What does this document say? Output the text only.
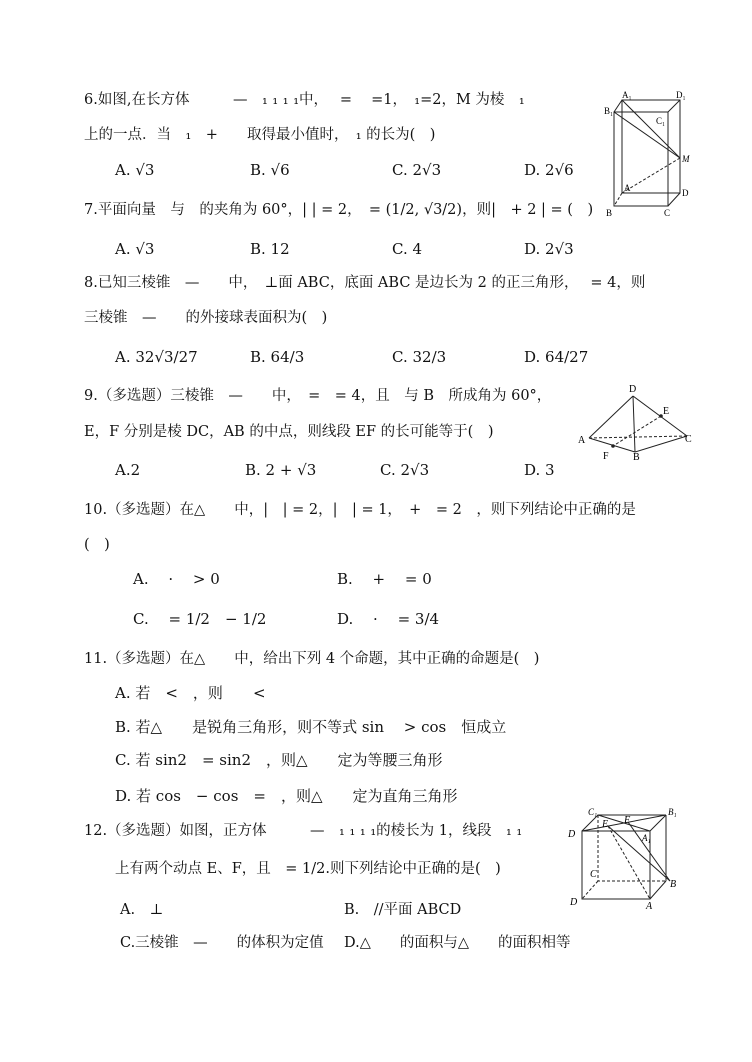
6.如图,在长方体　　　—　₁ ₁ ₁ ₁中，　 =　 =1，　₁=2，M 为棱　₁
上的一点．当　₁　+　　取得最小值时，　₁ 的长为(　)
A. √3	B. √6	C. 2√3	D. 2√6
A₁	D₁
B₁
C₁
M
A	D
B	C
7.平面向量　与　的夹角为 60°，| | = 2，　= (1/2, √3/2)，则|　+ 2 | = (　)
A. √3	B. 12	C. 4	D. 2√3
8.已知三棱锥　—　　中，　⊥面 ABC，底面 ABC 是边长为 2 的正三角形，　 = 4，则
三棱锥　—　　的外接球表面积为(　)
A. 32√3/27	B. 64/3	C. 32/3	D. 64/27
9.（多选题）三棱锥　—　　中，　=　= 4，且　与 B　所成角为 60°，
E，F 分别是棱 DC，AB 的中点，则线段 EF 的长可能等于(　)
A.2	B. 2 + √3	C. 2√3	D. 3
D
E
A	C
F B
10.（多选题）在△　　中，|　| = 2，|　| = 1，　+　= 2　，则下列结论中正确的是
(　)
A.　 ·　 > 0	B.　 +　 = 0
C.　 = 1/2　− 1/2	D.　 ·　 = 3/4
11.（多选题）在△　　中，给出下列 4 个命题，其中正确的命题是(　)
A. 若　<　，则　　<
B. 若△　　是锐角三角形，则不等式 sin　 > cos　恒成立
C. 若 sin2　= sin2　，则△　　定为等腰三角形
D. 若 cos　− cos　=　，则△　　定为直角三角形
12.（多选题）如图，正方体　　　—　₁ ₁ ₁ ₁的棱长为 1，线段　₁ ₁
上有两个动点 E、F，且　= 1/2.则下列结论中正确的是(　)
A.　⊥	B.　//平面 ABCD
C.三棱锥　—　　的体积为定值 D.△　　的面积与△　　的面积相等
C₁	B₁
D
E F
A₁
C
B
D	A
